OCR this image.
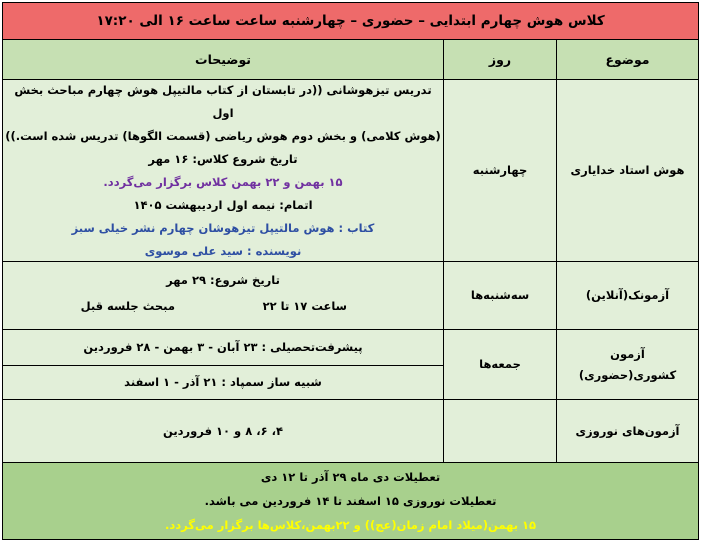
کلاس هوش چهارم ابتدایی – حضوری – چهارشنبه ساعت ساعت ۱۶ الی ۱۷:۲۰
موضوع
روز
توضیحات
هوش استاد خدایاری
چهارشنبه
تدریس تیزهوشانی ((در تابستان از کتاب مالتیپل هوش چهارم مباحث بخش اول
(هوش کلامی) و بخش دوم هوش ریاضی (قسمت الگوها) تدریس شده است.))
تاریخ شروع کلاس: ۱۶ مهر
۱۵ بهمن و ۲۲ بهمن کلاس برگزار می‌گردد.
اتمام: نیمه اول اردیبهشت ۱۴۰۵
کتاب : هوش مالتیپل تیزهوشان چهارم نشر خیلی سبز
نویسنده : سید علی موسوی
آزمونک(آنلاین)
سه‌شنبه‌ها
تاریخ شروع: ۲۹ مهر
ساعت ۱۷ تا ۲۲
مبحث جلسه قبل
آزمون
کشوری(حضوری)
جمعه‌ها
پیشرفت‌تحصیلی : ۲۳ آبان - ۳ بهمن - ۲۸ فروردین
شبیه ساز سمپاد : ۲۱ آذر - ۱ اسفند
آزمون‌های نوروزی
۴، ۶، ۸ و ۱۰ فروردین
تعطیلات دی ماه ۲۹ آذر تا ۱۲ دی
تعطیلات نوروزی ۱۵ اسفند تا ۱۴ فروردین می باشد.
۱۵ بهمن(میلاد امام زمان(عج)) و ۲۲بهمن،کلاس‌ها برگزار می‌گردد.
